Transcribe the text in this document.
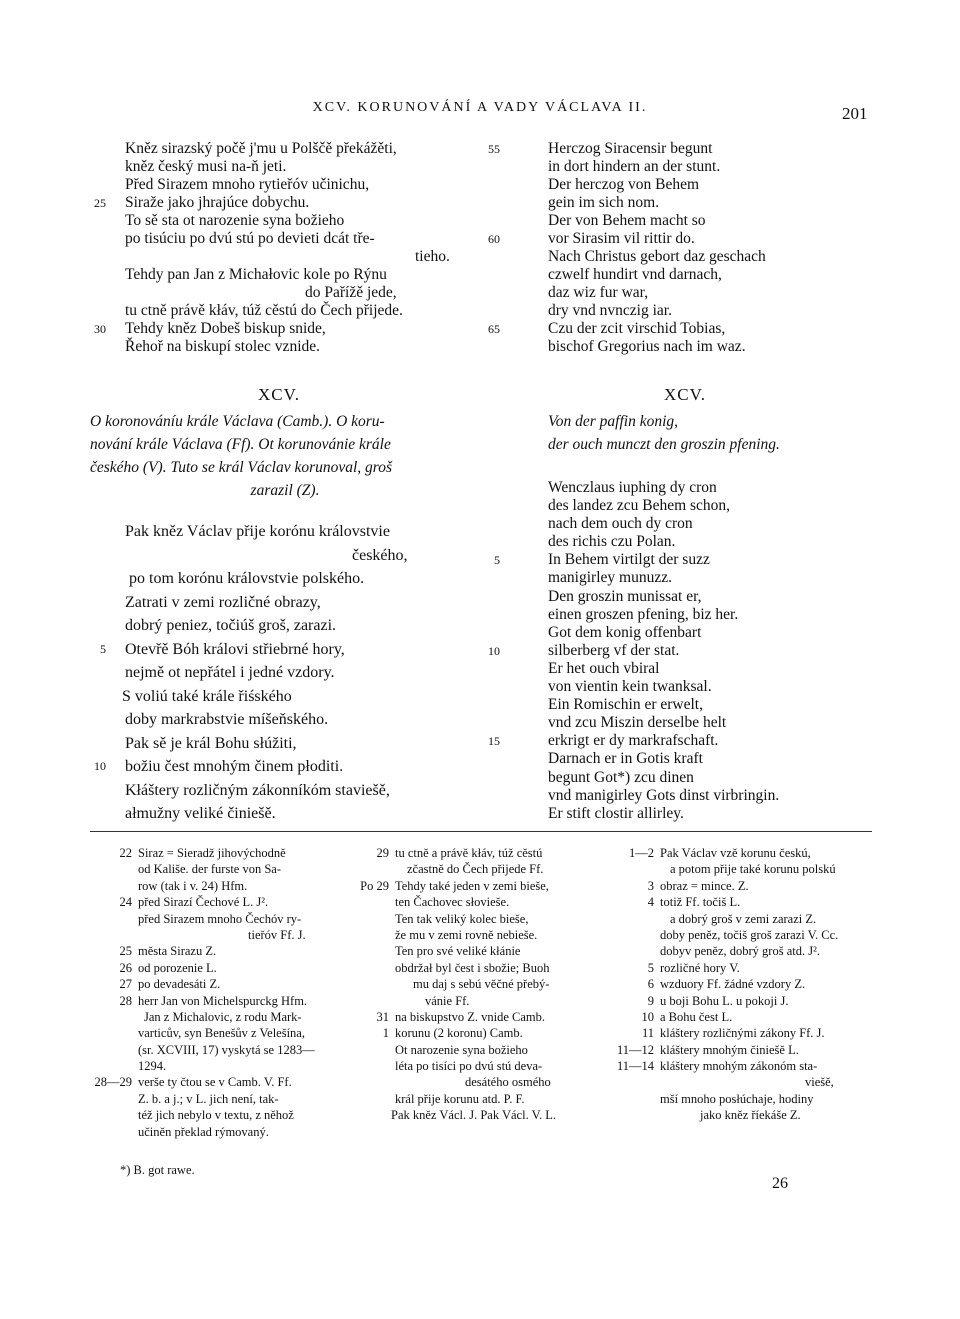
XCV. KORUNOVÁNÍ A VADY VÁCLAVA II.	201
Kněz sirazský počě j'mu u Polščě překážěti,
kněz český musi na-ň jeti.
Před Sirazem mnoho rytieřóv učinichu,
25 Siraže jako jhrajúce dobychu.
To sě sta ot narozenie syna božieho
po tisúciu po dvú stú po devieti dcát tře-
tieho.
Tehdy pan Jan z Michałovic kole po Rýnu
do Pařížě jede,
tu ctně právě kłáv, túž cěstú do Čech přijede.
30 Tehdy kněz Dobeš biskup snide,
Řehoř na biskupí stolec vznide.
55	Herczog Siracensir begunt
in dort hindern an der stunt.
Der herczog von Behem
gein im sich nom.
Der von Behem macht so
60	vor Sirasim vil rittir do.
Nach Christus gebort daz geschach
czwelf hundirt vnd darnach,
daz wiz fur war,
dry vnd nvnczig iar.
65	Czu der zcit virschid Tobias,
bischof Gregorius nach im waz.
XCV.	XCV.
O koronováníu krále Václava (Camb.). O koru-
nování krále Václava (Ff). Ot korunovánie krále
českého (V). Tuto se král Václav korunoval, groš
zarazil (Z).
Von der paffin konig,
der ouch munczt den groszin pfening.
Pak kněz Václav přije korónu královstvie
českého,
po tom korónu královstvie polského.
Zatrati v zemi rozličné obrazy,
dobrý peniez, točiúš groš, zarazi.
5 Otevřě Bóh královi střiebrné hory,
nejmě ot nepřátel i jedné vzdory.
S voliú také krále řiśského
doby markrabstvie míšeňského.
Pak sě je král Bohu słúžiti,
10 božiu čest mnohým činem płoditi.
Kłáštery rozličným zákonníkóm staviešě,
ałmužny veliké činiešě.
Wenczlaus iuphing dy cron
des landez zcu Behem schon,
nach dem ouch dy cron
des richis czu Polan.
5	In Behem virtilgt der suzz
manigirley munuzz.
Den groszin munissat er,
einen groszen pfening, biz her.
Got dem konig offenbart
10	silberberg vf der stat.
Er het ouch vbiral
von vientin kein twanksal.
Ein Romischin er erwelt,
vnd zcu Miszin derselbe helt
15	erkrigt er dy markrafschaft.
Darnach er in Gotis kraft
begunt Got*) zcu dinen
vnd manigirley Gots dinst virbringin.
Er stift clostir allirley.
22 Siraz = Sieradž jihovýchodně
od Kališe. der furste von Sa-
row (tak i v. 24) Hfm.
24 před Sirazí Čechové L. J².
před Sirazem mnoho Čechóv ry-
tieřóv Ff. J.
25 města Sirazu Z.
26 od porozenie L.
27 po devadesáti Z.
28 herr Jan von Michelspurckg Hfm.
Jan z Michalovic, z rodu Mark-
varticův, syn Benešův z Velešína,
(sr. XCVIII, 17) vyskytá se 1283—
1294.
28—29 verše ty čtou se v Camb. V. Ff.
Z. b. a j.; v L. jich není, tak-
též jich nebylo v textu, z něhož
učiněn překlad rýmovaný.
29 tu ctně a právě kłáv, túž cěstú
zčastně do Čech přijede Ff.
Po 29 Tehdy také jeden v zemi bieše,
ten Čachovec słovieše.
Ten tak veliký kolec bieše,
že mu v zemi rovně nebieše.
Ten pro své veliké kłánie
obdržał byl čest i sbožie; Buoh
mu daj s sebú věčné přebý-
vánie Ff.
31 na biskupstvo Z. vnide Camb.
1 korunu (2 koronu) Camb.
Ot narozenie syna božieho
léta po tisíci po dvú stú deva-
desátého osmého
král přije korunu atd. P. F.
Pak kněz Václ. J. Pak Václ. V. L.
1—2 Pak Václav vzě korunu českú,
a potom přije také korunu polskú
3 obraz = mince. Z.
4 totiž Ff. točiš L.
a dobrý groš v zemi zarazi Z.
doby peněz, točiš groš zarazi V. Cc.
dobyv peněz, dobrý groš atd. J².
5 rozličné hory V.
6 wzduory Ff. žádné vzdory Z.
9 u boji Bohu L. u pokoji J.
10 a Bohu čest L.
11 kláštery rozličnými zákony Ff. J.
11—12 kláštery mnohým činiešě L.
11—14 kláštery mnohým zákonóm sta-
viešě,
mší mnoho posłúchaje, hodiny
jako kněz říekáše Z.
*) B. got rawe.
26
